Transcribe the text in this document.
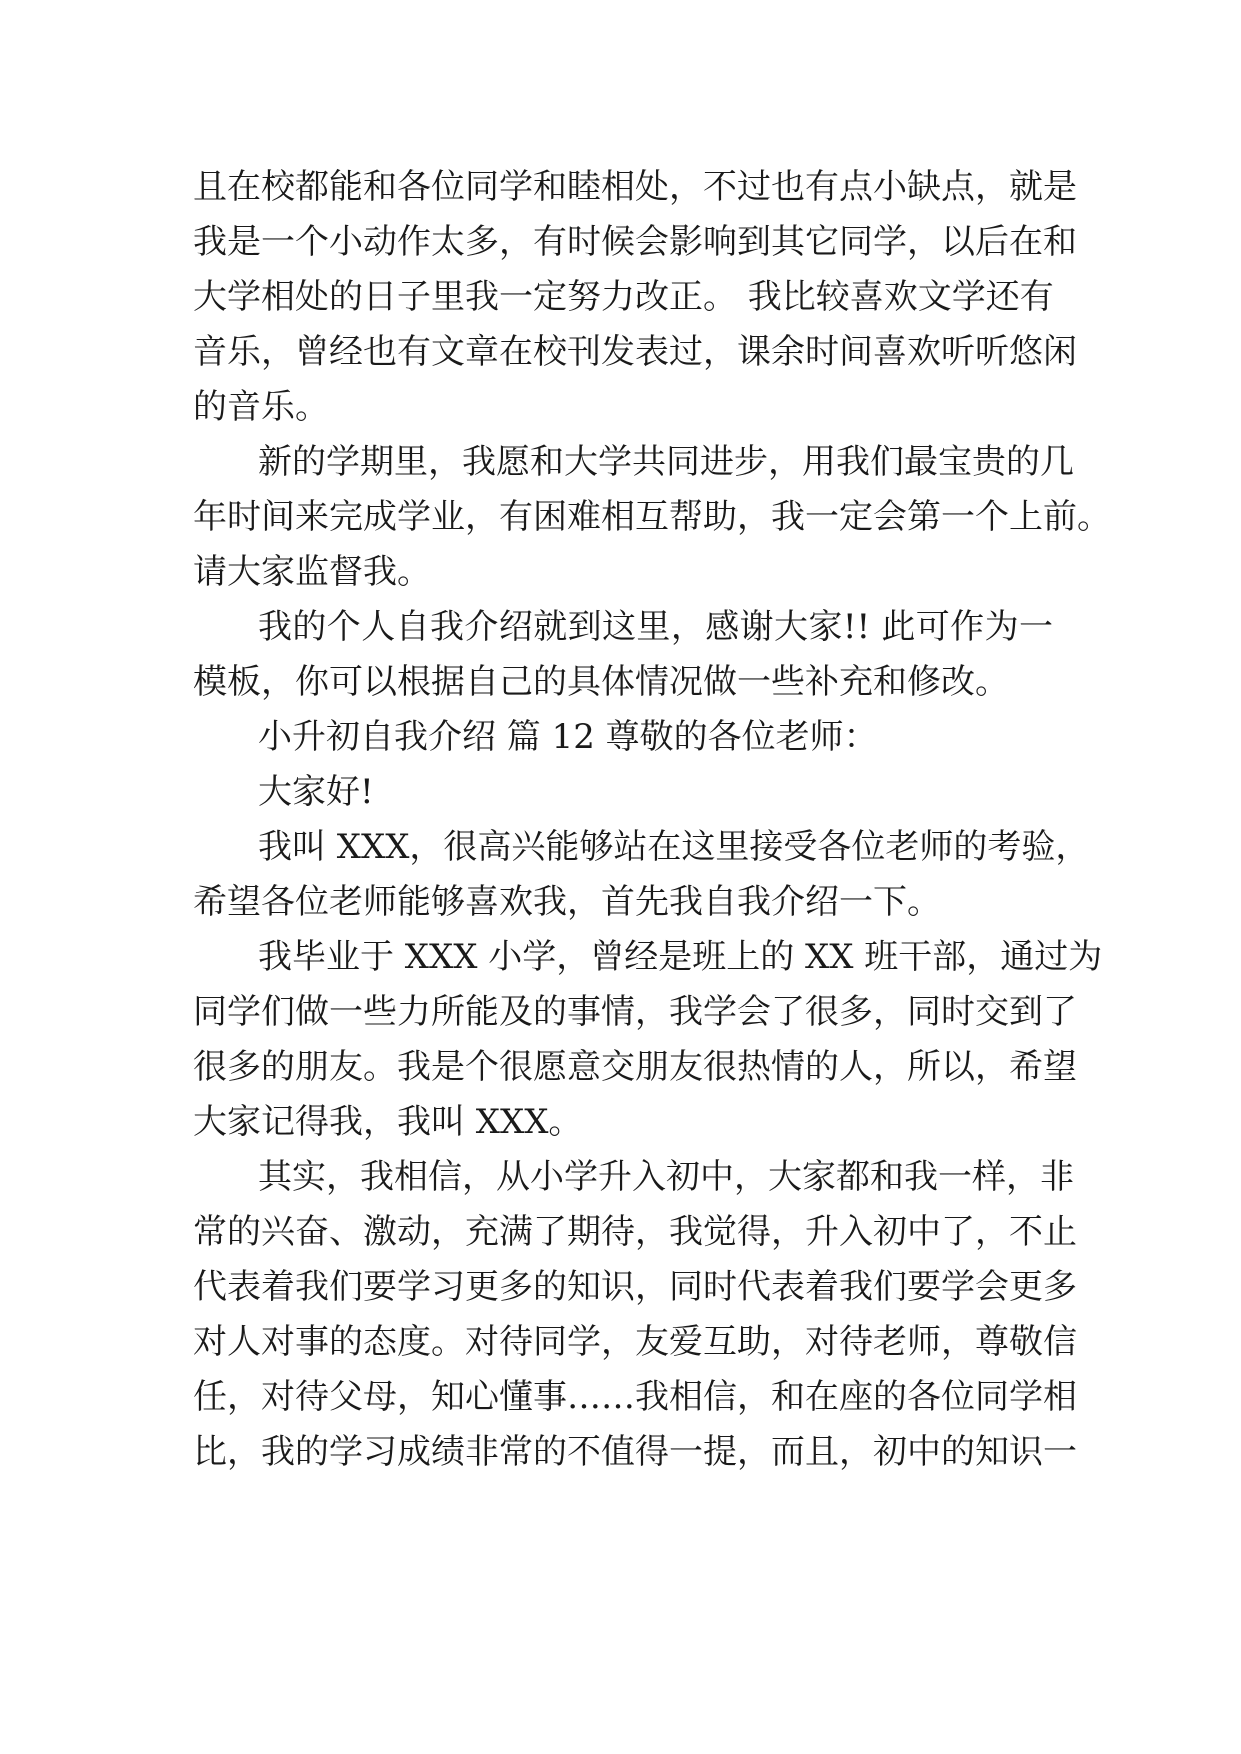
且在校都能和各位同学和睦相处，不过也有点小缺点，就是
我是一个小动作太多，有时候会影响到其它同学，以后在和
大学相处的日子里我一定努力改正。 我比较喜欢文学还有
音乐，曾经也有文章在校刊发表过，课余时间喜欢听听悠闲
的音乐。
新的学期里，我愿和大学共同进步，用我们最宝贵的几
年时间来完成学业，有困难相互帮助，我一定会第一个上前。
请大家监督我。
我的个人自我介绍就到这里，感谢大家!! 此可作为一
模板，你可以根据自己的具体情况做一些补充和修改。
小升初自我介绍 篇 12 尊敬的各位老师：
大家好!
我叫 XXX，很高兴能够站在这里接受各位老师的考验，
希望各位老师能够喜欢我，首先我自我介绍一下。
我毕业于 XXX 小学，曾经是班上的 XX 班干部，通过为
同学们做一些力所能及的事情，我学会了很多，同时交到了
很多的朋友。我是个很愿意交朋友很热情的人，所以，希望
大家记得我，我叫 XXX。
其实，我相信，从小学升入初中，大家都和我一样，非
常的兴奋、激动，充满了期待，我觉得，升入初中了，不止
代表着我们要学习更多的知识，同时代表着我们要学会更多
对人对事的态度。对待同学，友爱互助，对待老师，尊敬信
任，对待父母，知心懂事……我相信，和在座的各位同学相
比，我的学习成绩非常的不值得一提，而且，初中的知识一
